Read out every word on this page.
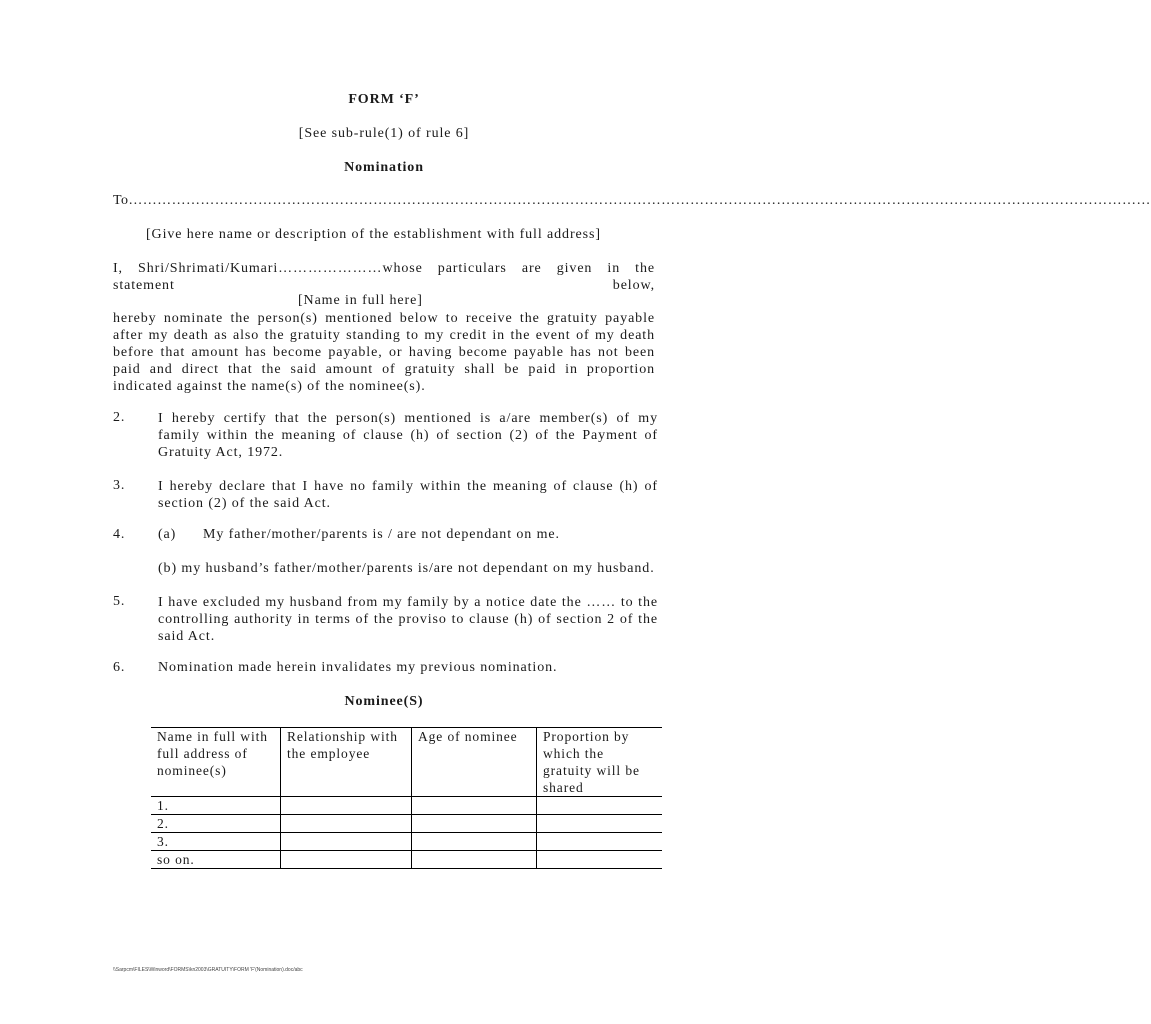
FORM ‘F’
[See sub-rule(1) of rule 6]
Nomination
To……………………………………………………………………………………………………………………………………………………………………………………………
[Give here name or description of the establishment with full address]
I, Shri/Shrimati/Kumari…………………whose particulars are given in the statement below,
[Name in full here]
hereby nominate the person(s) mentioned below to receive the gratuity payable after my death as also the gratuity standing to my credit in the event of my death before that amount has become payable, or having become payable has not been paid and direct that the said amount of gratuity shall be paid in proportion indicated against the name(s) of the nominee(s).
2. I hereby certify that the person(s) mentioned is a/are member(s) of my family within the meaning of clause (h) of section (2) of the Payment of Gratuity Act, 1972.
3. I hereby declare that I have no family within the meaning of clause (h) of section (2) of the said Act.
4. (a) My father/mother/parents is / are not dependant on me.
(b) my husband’s father/mother/parents is/are not dependant on my husband.
5. I have excluded my husband from my family by a notice date the …… to the controlling authority in terms of the proviso to clause (h) of section 2 of the said Act.
6. Nomination made herein invalidates my previous nomination.
Nominee(S)
Name in full with full address of nominee(s)	Relationship with the employee	Age of nominee	Proportion by which the gratuity will be shared
1.			
2.			
3.			
so on.			
\\Sarpcm\FILES\Winword\FORMS\kn2003\GRATUITY\FORM 'F'(Nomination).doc/abc
